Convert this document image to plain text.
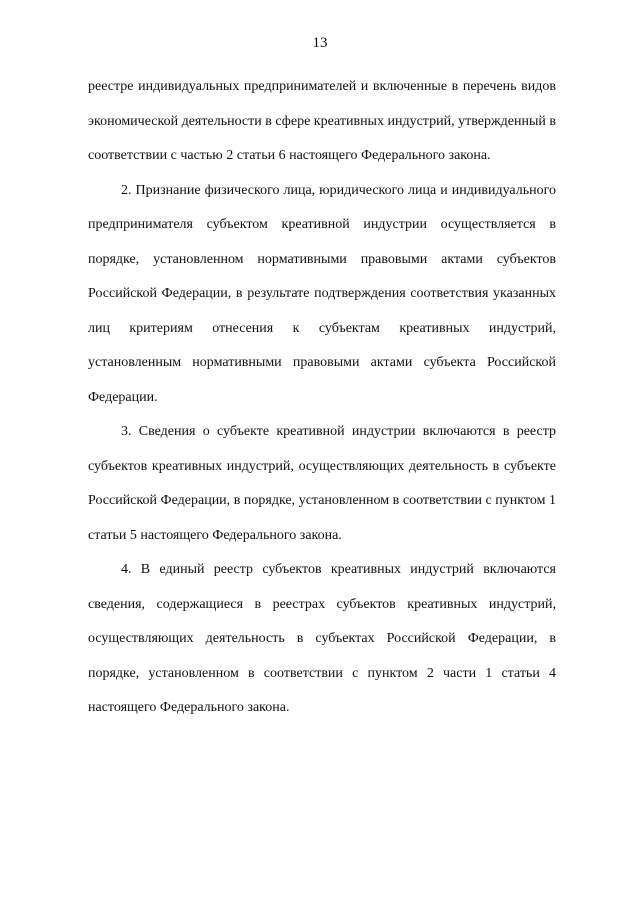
13

реестре индивидуальных предпринимателей и включенные в перечень видов экономической деятельности в сфере креативных индустрий, утвержденный в соответствии с частью 2 статьи 6 настоящего Федерального закона.

2. Признание физического лица, юридического лица и индивидуального предпринимателя субъектом креативной индустрии осуществляется в порядке, установленном нормативными правовыми актами субъектов Российской Федерации, в результате подтверждения соответствия указанных лиц критериям отнесения к субъектам креативных индустрий, установленным нормативными правовыми актами субъекта Российской Федерации.

3. Сведения о субъекте креативной индустрии включаются в реестр субъектов креативных индустрий, осуществляющих деятельность в субъекте Российской Федерации, в порядке, установленном в соответствии с пунктом 1 статьи 5 настоящего Федерального закона.

4. В единый реестр субъектов креативных индустрий включаются сведения, содержащиеся в реестрах субъектов креативных индустрий, осуществляющих деятельность в субъектах Российской Федерации, в порядке, установленном в соответствии с пунктом 2 части 1 статьи 4 настоящего Федерального закона.
